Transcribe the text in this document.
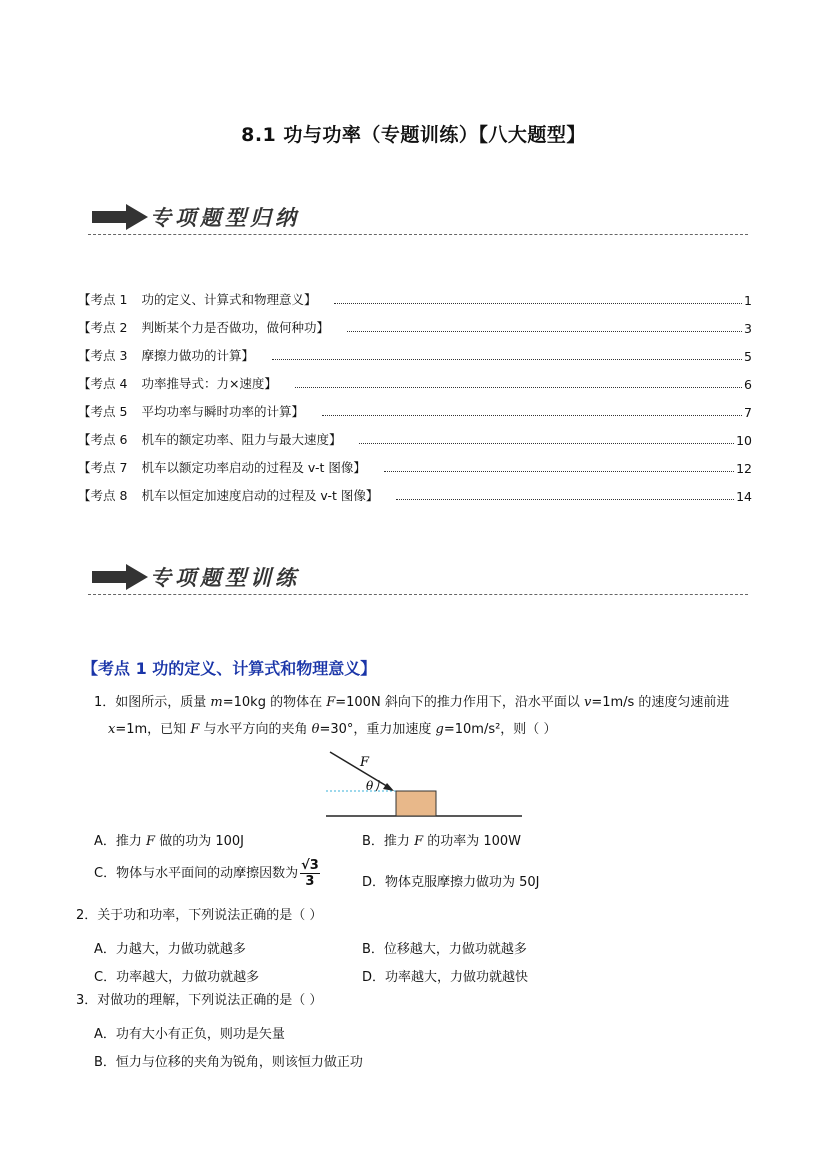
8.1 功与功率（专题训练）【八大题型】
专项题型归纳
【考点 1 功的定义、计算式和物理意义】	1
【考点 2 判断某个力是否做功，做何种功】	3
【考点 3 摩擦力做功的计算】	5
【考点 4 功率推导式：力×速度】	6
【考点 5 平均功率与瞬时功率的计算】	7
【考点 6 机车的额定功率、阻力与最大速度】	10
【考点 7 机车以额定功率启动的过程及 v-t 图像】	12
【考点 8 机车以恒定加速度启动的过程及 v-t 图像】	14
专项题型训练
【考点 1 功的定义、计算式和物理意义】
1．如图所示，质量 m=10kg 的物体在 F=100N 斜向下的推力作用下，沿水平面以 v=1m/s 的速度匀速前进
x=1m，已知 F 与水平方向的夹角 θ=30°，重力加速度 g=10m/s²，则（ ）
F
θ
A．推力 F 做的功为 100J	B．推力 F 的功率为 100W
C．物体与水平面间的动摩擦因数为 $\frac{√3}{3}$	D．物体克服摩擦力做功为 50J
2．关于功和功率，下列说法正确的是（ ）
A．力越大，力做功就越多	B．位移越大，力做功就越多
C．功率越大，力做功就越多	D．功率越大，力做功就越快
3．对做功的理解，下列说法正确的是（ ）
A．功有大小有正负，则功是矢量
B．恒力与位移的夹角为锐角，则该恒力做正功
